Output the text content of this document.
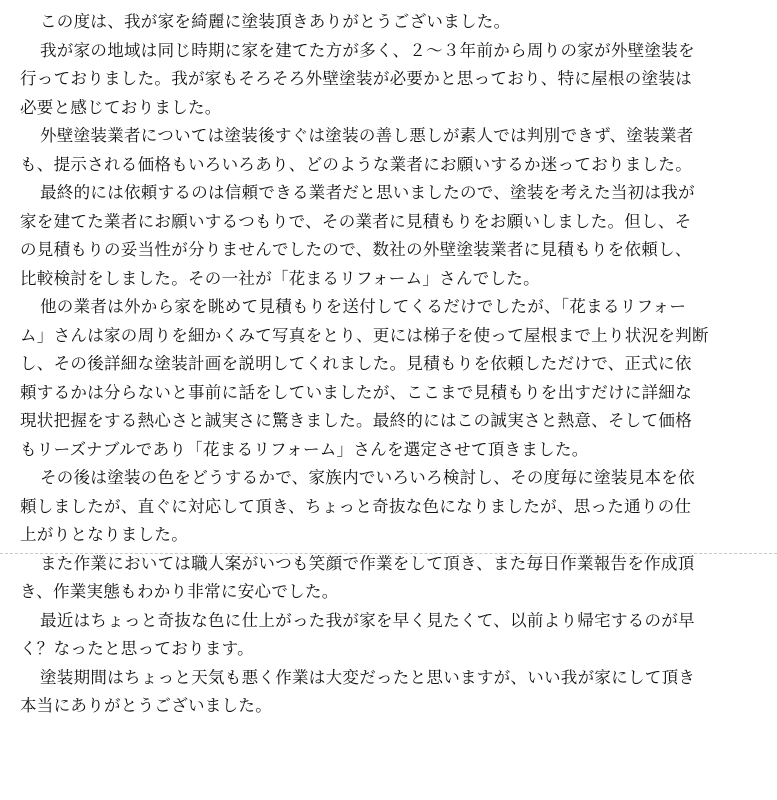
この度は、我が家を綺麗に塗装頂きありがとうございました。
我が家の地域は同じ時期に家を建てた方が多く、２～３年前から周りの家が外壁塗装を
行っておりました。我が家もそろそろ外壁塗装が必要かと思っており、特に屋根の塗装は
必要と感じておりました。
外壁塗装業者については塗装後すぐは塗装の善し悪しが素人では判別できず、塗装業者
も、提示される価格もいろいろあり、どのような業者にお願いするか迷っておりました。
最終的には依頼するのは信頼できる業者だと思いましたので、塗装を考えた当初は我が
家を建てた業者にお願いするつもりで、その業者に見積もりをお願いしました。但し、そ
の見積もりの妥当性が分りませんでしたので、数社の外壁塗装業者に見積もりを依頼し、
比較検討をしました。その一社が「花まるリフォーム」さんでした。
他の業者は外から家を眺めて見積もりを送付してくるだけでしたが、「花まるリフォー
ム」さんは家の周りを細かくみて写真をとり、更には梯子を使って屋根まで上り状況を判断
し、その後詳細な塗装計画を説明してくれました。見積もりを依頼しただけで、正式に依
頼するかは分らないと事前に話をしていましたが、ここまで見積もりを出すだけに詳細な
現状把握をする熱心さと誠実さに驚きました。最終的にはこの誠実さと熱意、そして価格
もリーズナブルであり「花まるリフォーム」さんを選定させて頂きました。
その後は塗装の色をどうするかで、家族内でいろいろ検討し、その度毎に塗装見本を依
頼しましたが、直ぐに対応して頂き、ちょっと奇抜な色になりましたが、思った通りの仕
上がりとなりました。
また作業においては職人案がいつも笑顔で作業をして頂き、また毎日作業報告を作成頂
き、作業実態もわかり非常に安心でした。
最近はちょっと奇抜な色に仕上がった我が家を早く見たくて、以前より帰宅するのが早
く？なったと思っております。
塗装期間はちょっと天気も悪く作業は大変だったと思いますが、いい我が家にして頂き
本当にありがとうございました。
